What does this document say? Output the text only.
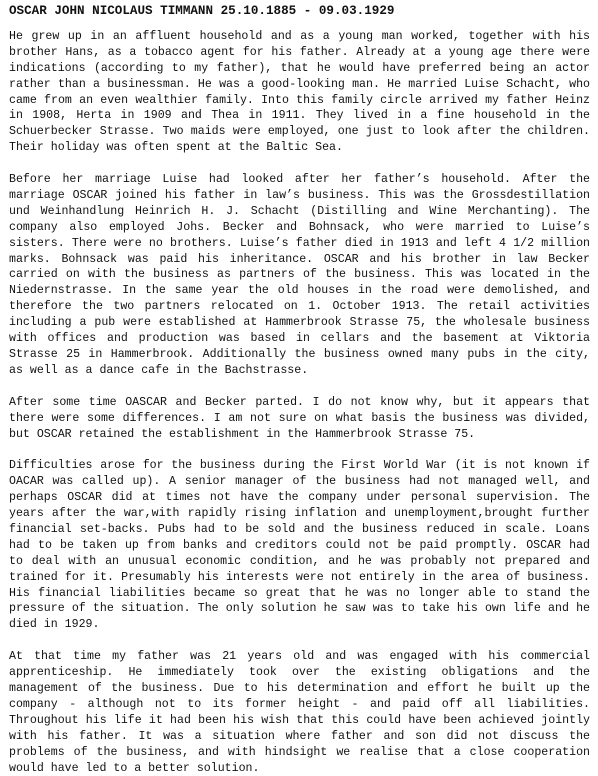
OSCAR JOHN NICOLAUS TIMMANN 25.10.1885 - 09.03.1929

He grew up in an affluent household and as a young man worked, together with his brother Hans, as a tobacco agent for his father. Already at a young age there were indications (according to my father), that he would have preferred being an actor rather than a businessman. He was a good-looking man. He married Luise Schacht, who came from an even wealthier family. Into this family circle arrived my father Heinz in 1908, Herta in 1909 and Thea in 1911. They lived in a fine household in the Schuerbecker Strasse. Two maids were employed, one just to look after the children. Their holiday was often spent at the Baltic Sea.

Before her marriage Luise had looked after her father’s household. After the marriage OSCAR joined his father in law’s business. This was the Grossdestillation und Weinhandlung Heinrich H. J. Schacht (Distilling and Wine Merchanting). The company also employed Johs. Becker and Bohnsack, who were married to Luise’s sisters. There were no brothers. Luise’s father died in 1913 and left 4 1/2 million marks. Bohnsack was paid his inheritance. OSCAR and his brother in law Becker carried on with the business as partners of the business. This was located in the Niedernstrasse. In the same year the old houses in the road were demolished, and therefore the two partners relocated on 1. October 1913. The retail activities including a pub were established at Hammerbrook Strasse 75, the wholesale business with offices and production was based in cellars and the basement at Viktoria Strasse 25 in Hammerbrook. Additionally the business owned many pubs in the city, as well as a dance cafe in the Bachstrasse.

After some time OASCAR and Becker parted. I do not know why, but it appears that there were some differences. I am not sure on what basis the business was divided, but OSCAR retained the establishment in the Hammerbrook Strasse 75.

Difficulties arose for the business during the First World War (it is not known if OACAR was called up). A senior manager of the business had not managed well, and perhaps OSCAR did at times not have the company under personal supervision. The years after the war,with rapidly rising inflation and unemployment,brought further financial set-backs. Pubs had to be sold and the business reduced in scale. Loans had to be taken up from banks and creditors could not be paid promptly. OSCAR had to deal with an unusual economic condition, and he was probably not prepared and trained for it. Presumably his interests were not entirely in the area of business. His financial liabilities became so great that he was no longer able to stand the pressure of the situation. The only solution he saw was to take his own life and he died in 1929.

At that time my father was 21 years old and was engaged with his commercial apprenticeship. He immediately took over the existing obligations and the management of the business. Due to his determination and effort he built up the company - although not to its former height - and paid off all liabilities. Throughout his life it had been his wish that this could have been achieved jointly with his father. It was a situation where father and son did not discuss the problems of the business, and with hindsight we realise that a close cooperation would have led to a better solution.
